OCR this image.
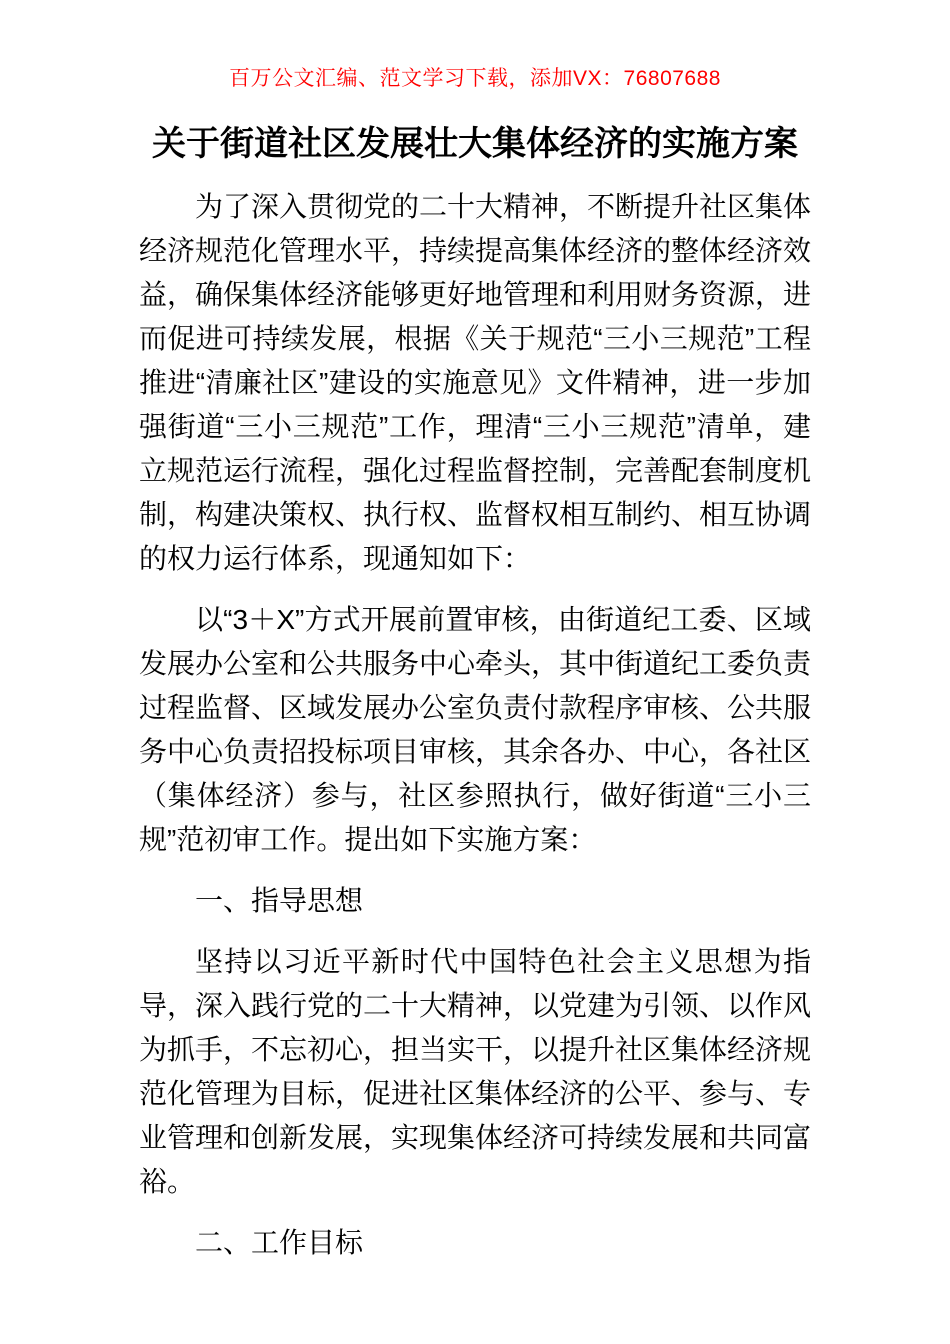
百万公文汇编、范文学习下载，添加VX：76807688
关于街道社区发展壮大集体经济的实施方案

为了深入贯彻党的二十大精神，不断提升社区集体经济规范化管理水平，持续提高集体经济的整体经济效益，确保集体经济能够更好地管理和利用财务资源，进而促进可持续发展，根据《关于规范“三小三规范”工程推进“清廉社区”建设的实施意见》文件精神，进一步加强街道“三小三规范”工作，理清“三小三规范”清单，建立规范运行流程，强化过程监督控制，完善配套制度机制，构建决策权、执行权、监督权相互制约、相互协调的权力运行体系，现通知如下：

以“3＋X”方式开展前置审核，由街道纪工委、区域发展办公室和公共服务中心牵头，其中街道纪工委负责过程监督、区域发展办公室负责付款程序审核、公共服务中心负责招投标项目审核，其余各办、中心，各社区（集体经济）参与，社区参照执行，做好街道“三小三规”范初审工作。提出如下实施方案：

一、指导思想

坚持以习近平新时代中国特色社会主义思想为指导，深入践行党的二十大精神，以党建为引领、以作风为抓手，不忘初心，担当实干，以提升社区集体经济规范化管理为目标，促进社区集体经济的公平、参与、专业管理和创新发展，实现集体经济可持续发展和共同富裕。

二、工作目标
